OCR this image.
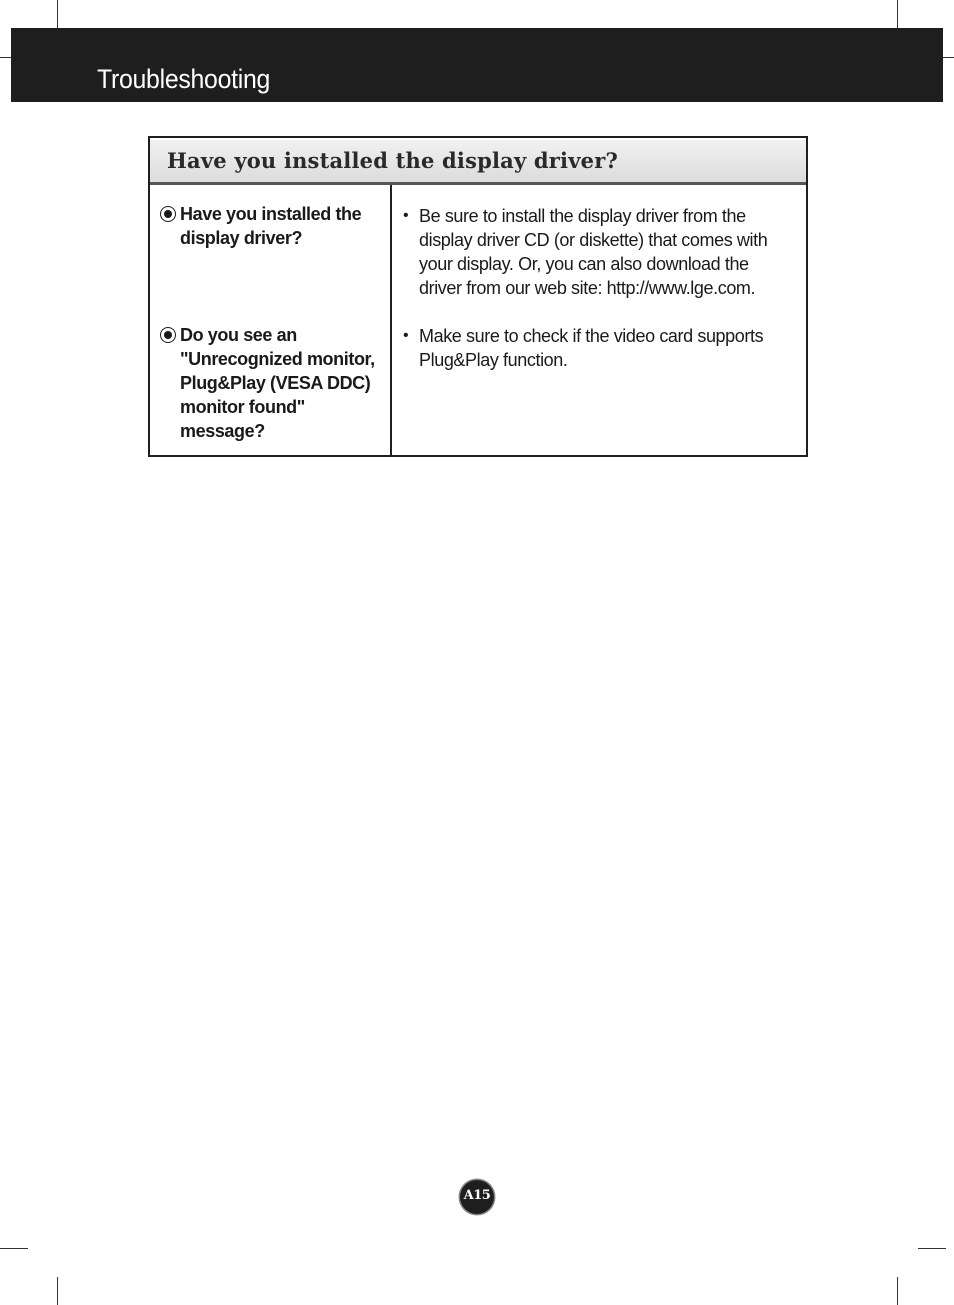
Troubleshooting
Have you installed the display driver?
Have you installed the
display driver?
• Be sure to install the display driver from the
display driver CD (or diskette) that comes with
your display. Or, you can also download the
driver from our web site: http://www.lge.com.
Do you see an
"Unrecognized monitor,
Plug&Play (VESA DDC)
monitor found"
message?
• Make sure to check if the video card supports
Plug&Play function.
A15
